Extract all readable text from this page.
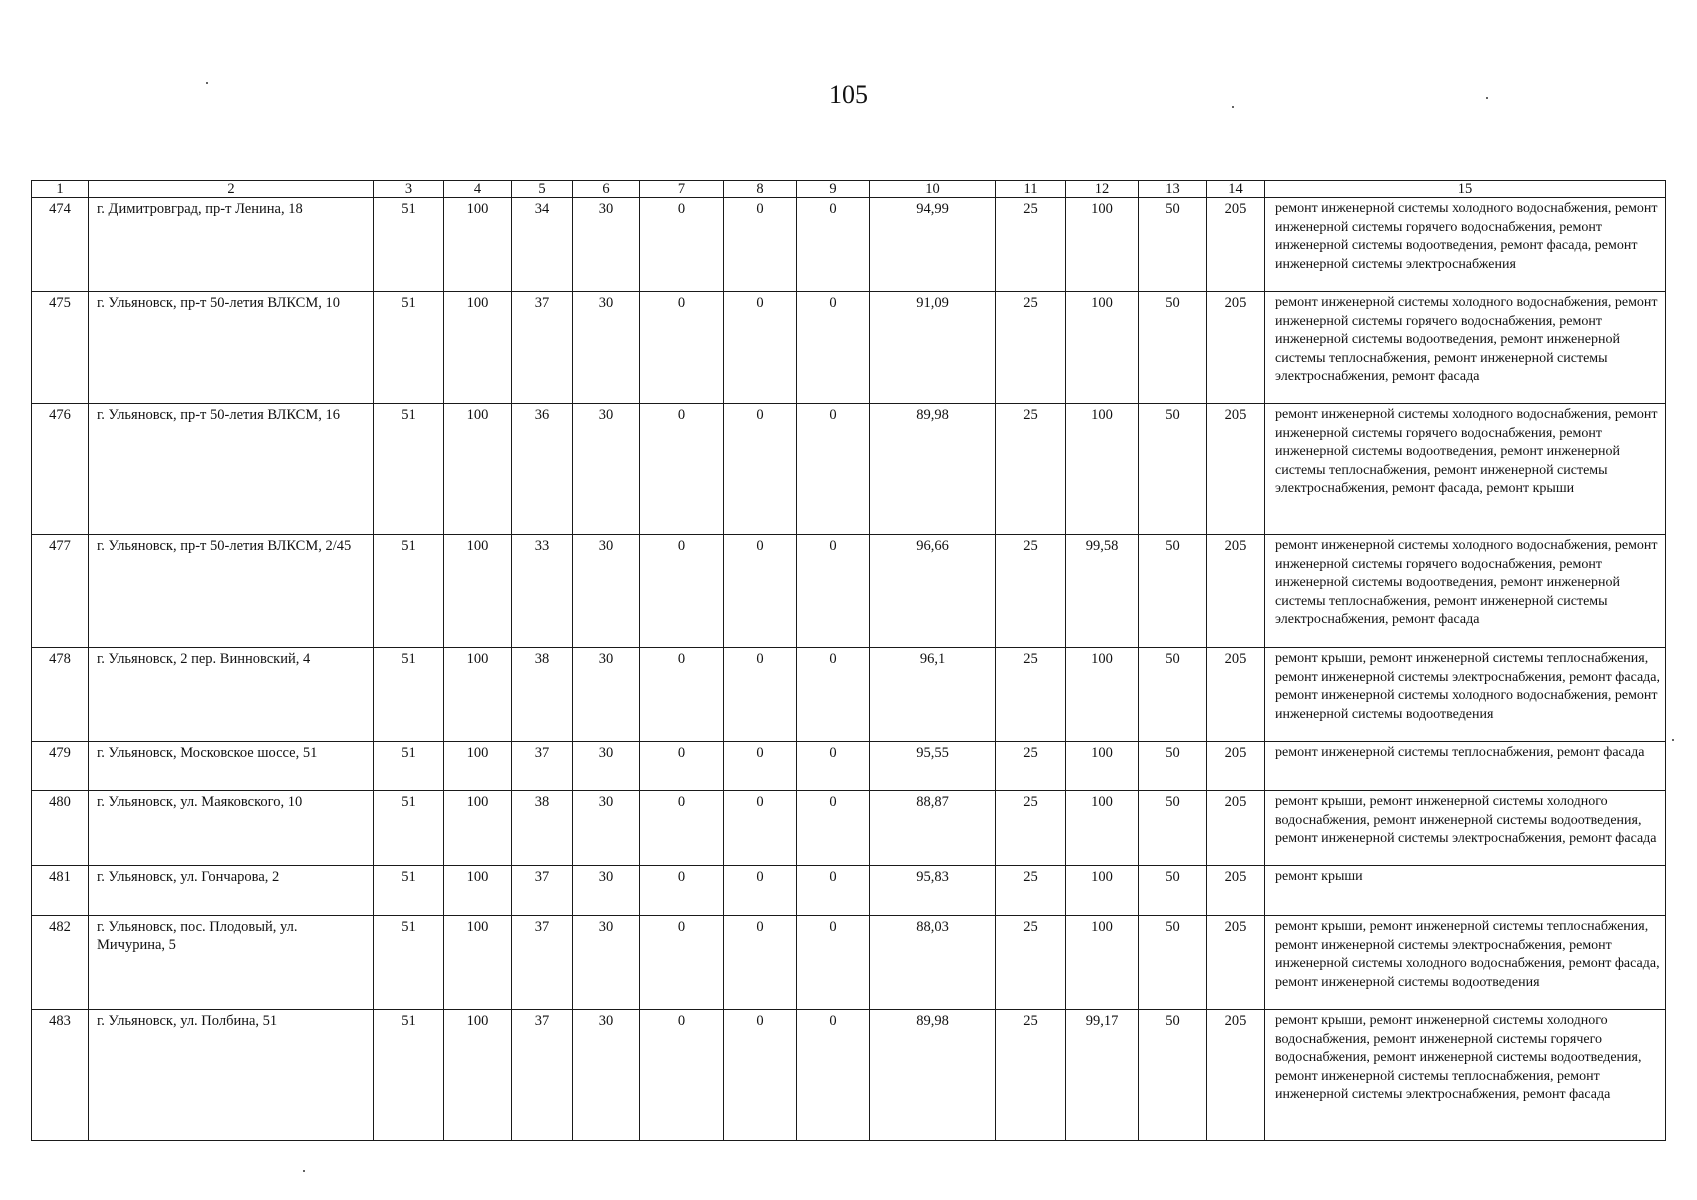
105
1	2	3	4	5	6	7	8	9	10	11	12	13	14	15
474	г. Димитровград, пр-т Ленина, 18	51	100	34	30	0	0	0	94,99	25	100	50	205	ремонт инженерной системы холодного водоснабжения, ремонт инженерной системы горячего водоснабжения, ремонт инженерной системы водоотведения, ремонт фасада, ремонт инженерной системы электроснабжения
475	г. Ульяновск, пр-т 50-летия ВЛКСМ, 10	51	100	37	30	0	0	0	91,09	25	100	50	205	ремонт инженерной системы холодного водоснабжения, ремонт инженерной системы горячего водоснабжения, ремонт инженерной системы водоотведения, ремонт инженерной системы теплоснабжения, ремонт инженерной системы электроснабжения, ремонт фасада
476	г. Ульяновск, пр-т 50-летия ВЛКСМ, 16	51	100	36	30	0	0	0	89,98	25	100	50	205	ремонт инженерной системы холодного водоснабжения, ремонт инженерной системы горячего водоснабжения, ремонт инженерной системы водоотведения, ремонт инженерной системы теплоснабжения, ремонт инженерной системы электроснабжения, ремонт фасада, ремонт крыши
477	г. Ульяновск, пр-т 50-летия ВЛКСМ, 2/45	51	100	33	30	0	0	0	96,66	25	99,58	50	205	ремонт инженерной системы холодного водоснабжения, ремонт инженерной системы горячего водоснабжения, ремонт инженерной системы водоотведения, ремонт инженерной системы теплоснабжения, ремонт инженерной системы электроснабжения, ремонт фасада
478	г. Ульяновск, 2 пер. Винновский, 4	51	100	38	30	0	0	0	96,1	25	100	50	205	ремонт крыши, ремонт инженерной системы теплоснабжения, ремонт инженерной системы электроснабжения, ремонт фасада, ремонт инженерной системы холодного водоснабжения, ремонт инженерной системы водоотведения
479	г. Ульяновск, Московское шоссе, 51	51	100	37	30	0	0	0	95,55	25	100	50	205	ремонт инженерной системы теплоснабжения, ремонт фасада
480	г. Ульяновск, ул. Маяковского, 10	51	100	38	30	0	0	0	88,87	25	100	50	205	ремонт крыши, ремонт инженерной системы холодного водоснабжения, ремонт инженерной системы водоотведения, ремонт инженерной системы электроснабжения, ремонт фасада
481	г. Ульяновск, ул. Гончарова, 2	51	100	37	30	0	0	0	95,83	25	100	50	205	ремонт крыши
482	г. Ульяновск, пос. Плодовый, ул. Мичурина, 5	51	100	37	30	0	0	0	88,03	25	100	50	205	ремонт крыши, ремонт инженерной системы теплоснабжения, ремонт инженерной системы электроснабжения, ремонт инженерной системы холодного водоснабжения, ремонт фасада, ремонт инженерной системы водоотведения
483	г. Ульяновск, ул. Полбина, 51	51	100	37	30	0	0	0	89,98	25	99,17	50	205	ремонт крыши, ремонт инженерной системы холодного водоснабжения, ремонт инженерной системы горячего водоснабжения, ремонт инженерной системы водоотведения, ремонт инженерной системы теплоснабжения, ремонт инженерной системы электроснабжения, ремонт фасада
